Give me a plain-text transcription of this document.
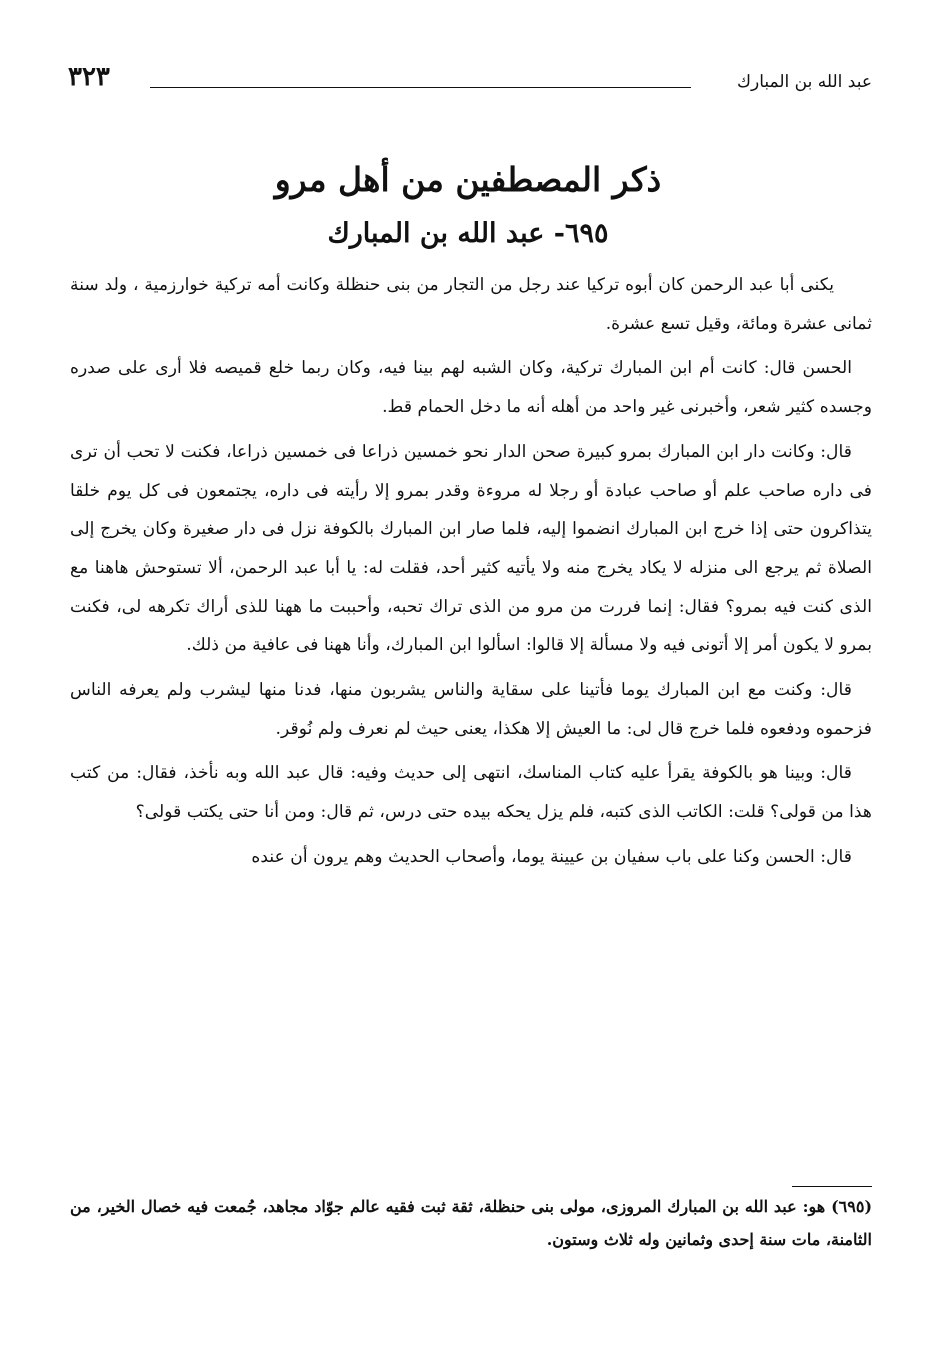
عبد الله بن المبارك
٣٢٣
ذكر المصطفين من أهل مرو
٦٩٥- عبد الله بن المبارك

يكنى أبا عبد الرحمن كان أبوه تركيا عند رجل من التجار من بنى حنظلة وكانت أمه تركية خوارزمية ، ولد سنة ثمانى عشرة ومائة، وقيل تسع عشرة.

الحسن قال: كانت أم ابن المبارك تركية، وكان الشبه لهم بينا فيه، وكان ربما خلع قميصه فلا أرى على صدره وجسده كثير شعر، وأخبرنى غير واحد من أهله أنه ما دخل الحمام قط.

قال: وكانت دار ابن المبارك بمرو كبيرة صحن الدار نحو خمسين ذراعا فى خمسين ذراعا، فكنت لا تحب أن ترى فى داره صاحب علم أو صاحب عبادة أو رجلا له مروءة وقدر بمرو إلا رأيته فى داره، يجتمعون فى كل يوم خلقا يتذاكرون حتى إذا خرج ابن المبارك انضموا إليه، فلما صار ابن المبارك بالكوفة نزل فى دار صغيرة وكان يخرج إلى الصلاة ثم يرجع الى منزله لا يكاد يخرج منه ولا يأتيه كثير أحد، فقلت له: يا أبا عبد الرحمن، ألا تستوحش هاهنا مع الذى كنت فيه بمرو؟ فقال: إنما فررت من مرو من الذى تراك تحبه، وأحببت ما ههنا للذى أراك تكرهه لى، فكنت بمرو لا يكون أمر إلا أتونى فيه ولا مسألة إلا قالوا: اسألوا ابن المبارك، وأنا ههنا فى عافية من ذلك.

قال: وكنت مع ابن المبارك يوما فأتينا على سقاية والناس يشربون منها، فدنا منها ليشرب ولم يعرفه الناس فزحموه ودفعوه فلما خرج قال لى: ما العيش إلا هكذا، يعنى حيث لم نعرف ولم نُوقر.

قال: وبينا هو بالكوفة يقرأ عليه كتاب المناسك، انتهى إلى حديث وفيه: قال عبد الله وبه نأخذ، فقال: من كتب هذا من قولى؟ قلت: الكاتب الذى كتبه، فلم يزل يحكه بيده حتى درس، ثم قال: ومن أنا حتى يكتب قولى؟

قال: الحسن وكنا على باب سفيان بن عيينة يوما، وأصحاب الحديث وهم يرون أن عنده

(٦٩٥) هو: عبد الله بن المبارك المروزى، مولى بنى حنظلة، ثقة ثبت فقيه عالم جوّاد مجاهد، جُمعت فيه خصال الخير، من الثامنة، مات سنة إحدى وثمانين وله ثلاث وستون.
